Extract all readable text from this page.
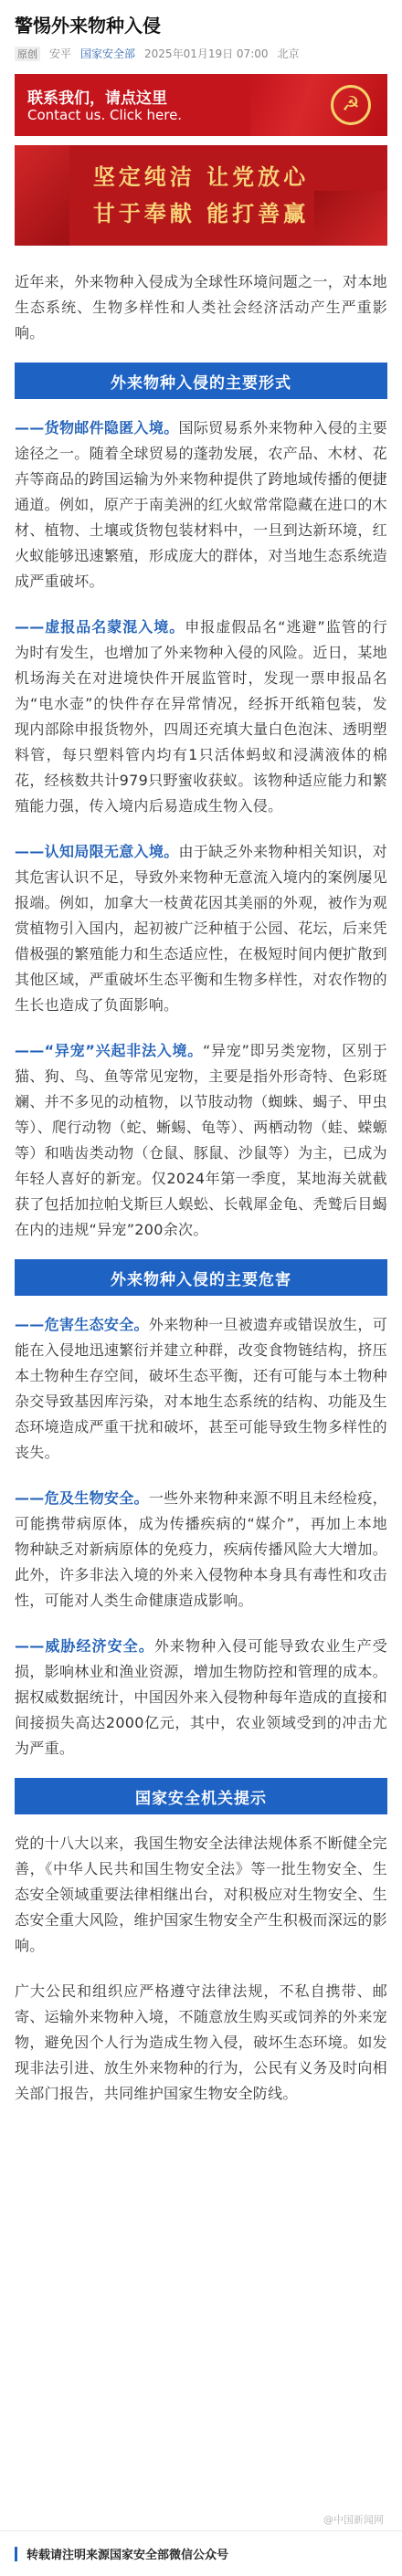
警惕外来物种入侵
原创 安平 国家安全部 2025年01月19日 07:00 北京
联系我们，请点这里
Contact us. Click here.	☭
坚定纯洁 让党放心
甘于奉献 能打善赢

近年来，外来物种入侵成为全球性环境问题之一，对本地生态系统、生物多样性和人类社会经济活动产生严重影响。

外来物种入侵的主要形式

——货物邮件隐匿入境。国际贸易系外来物种入侵的主要途径之一。随着全球贸易的蓬勃发展，农产品、木材、花卉等商品的跨国运输为外来物种提供了跨地域传播的便捷通道。例如，原产于南美洲的红火蚁常常隐藏在进口的木材、植物、土壤或货物包装材料中，一旦到达新环境，红火蚁能够迅速繁殖，形成庞大的群体，对当地生态系统造成严重破坏。

——虚报品名蒙混入境。申报虚假品名“逃避”监管的行为时有发生，也增加了外来物种入侵的风险。近日，某地机场海关在对进境快件开展监管时，发现一票申报品名为“电水壶”的快件存在异常情况，经拆开纸箱包装，发现内部除申报货物外，四周还充填大量白色泡沫、透明塑料管，每只塑料管内均有1只活体蚂蚁和浸满液体的棉花，经核数共计979只野蜜收获蚁。该物种适应能力和繁殖能力强，传入境内后易造成生物入侵。

——认知局限无意入境。由于缺乏外来物种相关知识，对其危害认识不足，导致外来物种无意流入境内的案例屡见报端。例如，加拿大一枝黄花因其美丽的外观，被作为观赏植物引入国内，起初被广泛种植于公园、花坛，后来凭借极强的繁殖能力和生态适应性，在极短时间内便扩散到其他区域，严重破坏生态平衡和生物多样性，对农作物的生长也造成了负面影响。

——“异宠”兴起非法入境。“异宠”即另类宠物，区别于猫、狗、鸟、鱼等常见宠物，主要是指外形奇特、色彩斑斓、并不多见的动植物，以节肢动物（蜘蛛、蝎子、甲虫等）、爬行动物（蛇、蜥蜴、龟等）、两栖动物（蛙、蝾螈等）和啮齿类动物（仓鼠、豚鼠、沙鼠等）为主，已成为年轻人喜好的新宠。仅2024年第一季度，某地海关就截获了包括加拉帕戈斯巨人蜈蚣、长戟犀金龟、秃鹫后目蝎在内的违规“异宠”200余次。

外来物种入侵的主要危害

——危害生态安全。外来物种一旦被遗弃或错误放生，可能在入侵地迅速繁衍并建立种群，改变食物链结构，挤压本土物种生存空间，破坏生态平衡，还有可能与本土物种杂交导致基因库污染，对本地生态系统的结构、功能及生态环境造成严重干扰和破坏，甚至可能导致生物多样性的丧失。

——危及生物安全。一些外来物种来源不明且未经检疫，可能携带病原体，成为传播疾病的“媒介”，再加上本地物种缺乏对新病原体的免疫力，疾病传播风险大大增加。此外，许多非法入境的外来入侵物种本身具有毒性和攻击性，可能对人类生命健康造成影响。

——威胁经济安全。外来物种入侵可能导致农业生产受损，影响林业和渔业资源，增加生物防控和管理的成本。据权威数据统计，中国因外来入侵物种每年造成的直接和间接损失高达2000亿元，其中，农业领域受到的冲击尤为严重。

国家安全机关提示

党的十八大以来，我国生物安全法律法规体系不断健全完善，《中华人民共和国生物安全法》等一批生物安全、生态安全领域重要法律相继出台，对积极应对生物安全、生态安全重大风险，维护国家生物安全产生积极而深远的影响。

广大公民和组织应严格遵守法律法规，不私自携带、邮寄、运输外来物种入境，不随意放生购买或饲养的外来宠物，避免因个人行为造成生物入侵，破坏生态环境。如发现非法引进、放生外来物种的行为，公民有义务及时向相关部门报告，共同维护国家生物安全防线。

@中国新闻网
转载请注明来源国家安全部微信公众号
